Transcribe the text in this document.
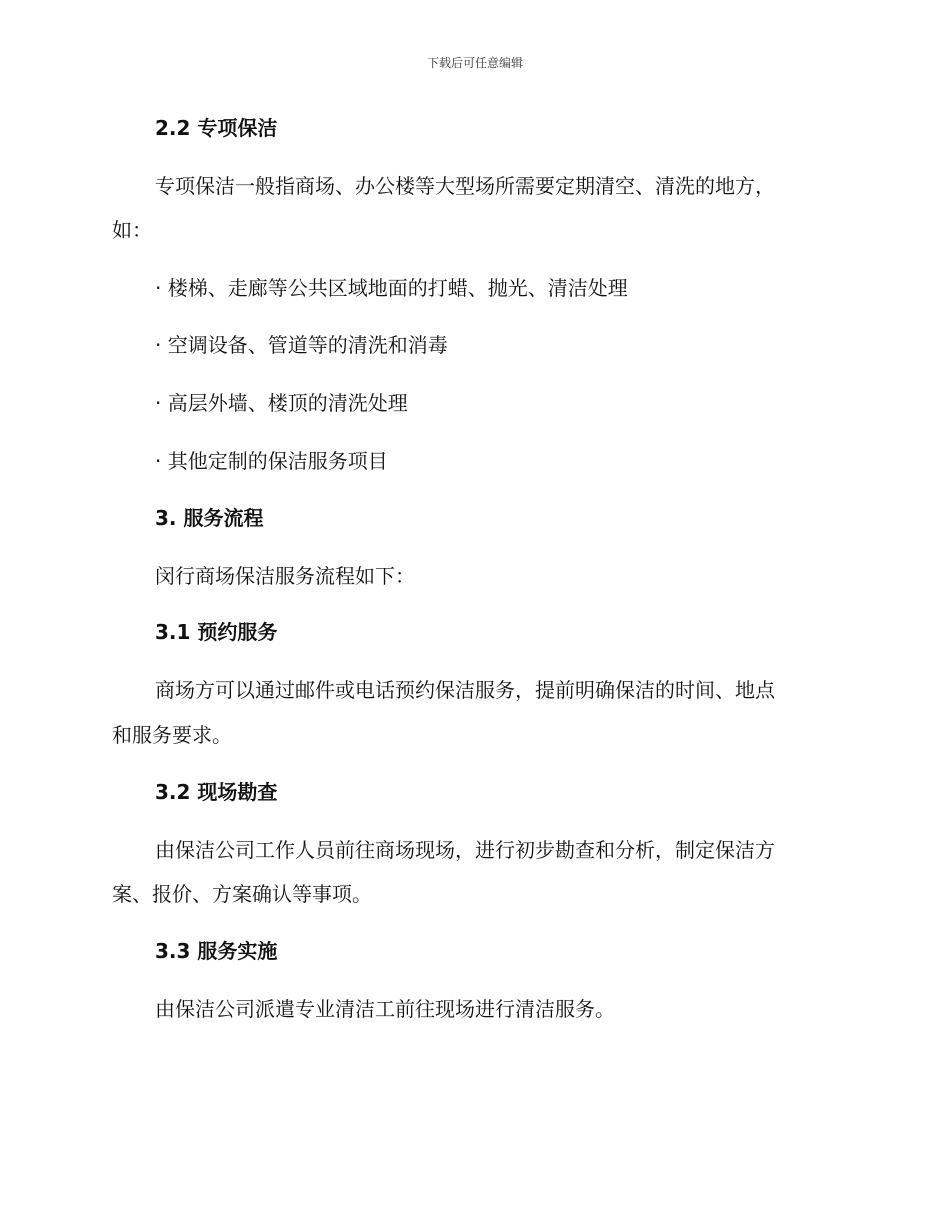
下载后可任意编辑

2.2 专项保洁

专项保洁一般指商场、办公楼等大型场所需要定期清空、清洗的地方，

如：

· 楼梯、走廊等公共区域地面的打蜡、抛光、清洁处理

· 空调设备、管道等的清洗和消毒

· 高层外墙、楼顶的清洗处理

· 其他定制的保洁服务项目

3. 服务流程

闵行商场保洁服务流程如下：

3.1 预约服务

商场方可以通过邮件或电话预约保洁服务，提前明确保洁的时间、地点

和服务要求。

3.2 现场勘查

由保洁公司工作人员前往商场现场，进行初步勘查和分析，制定保洁方

案、报价、方案确认等事项。

3.3 服务实施

由保洁公司派遣专业清洁工前往现场进行清洁服务。
